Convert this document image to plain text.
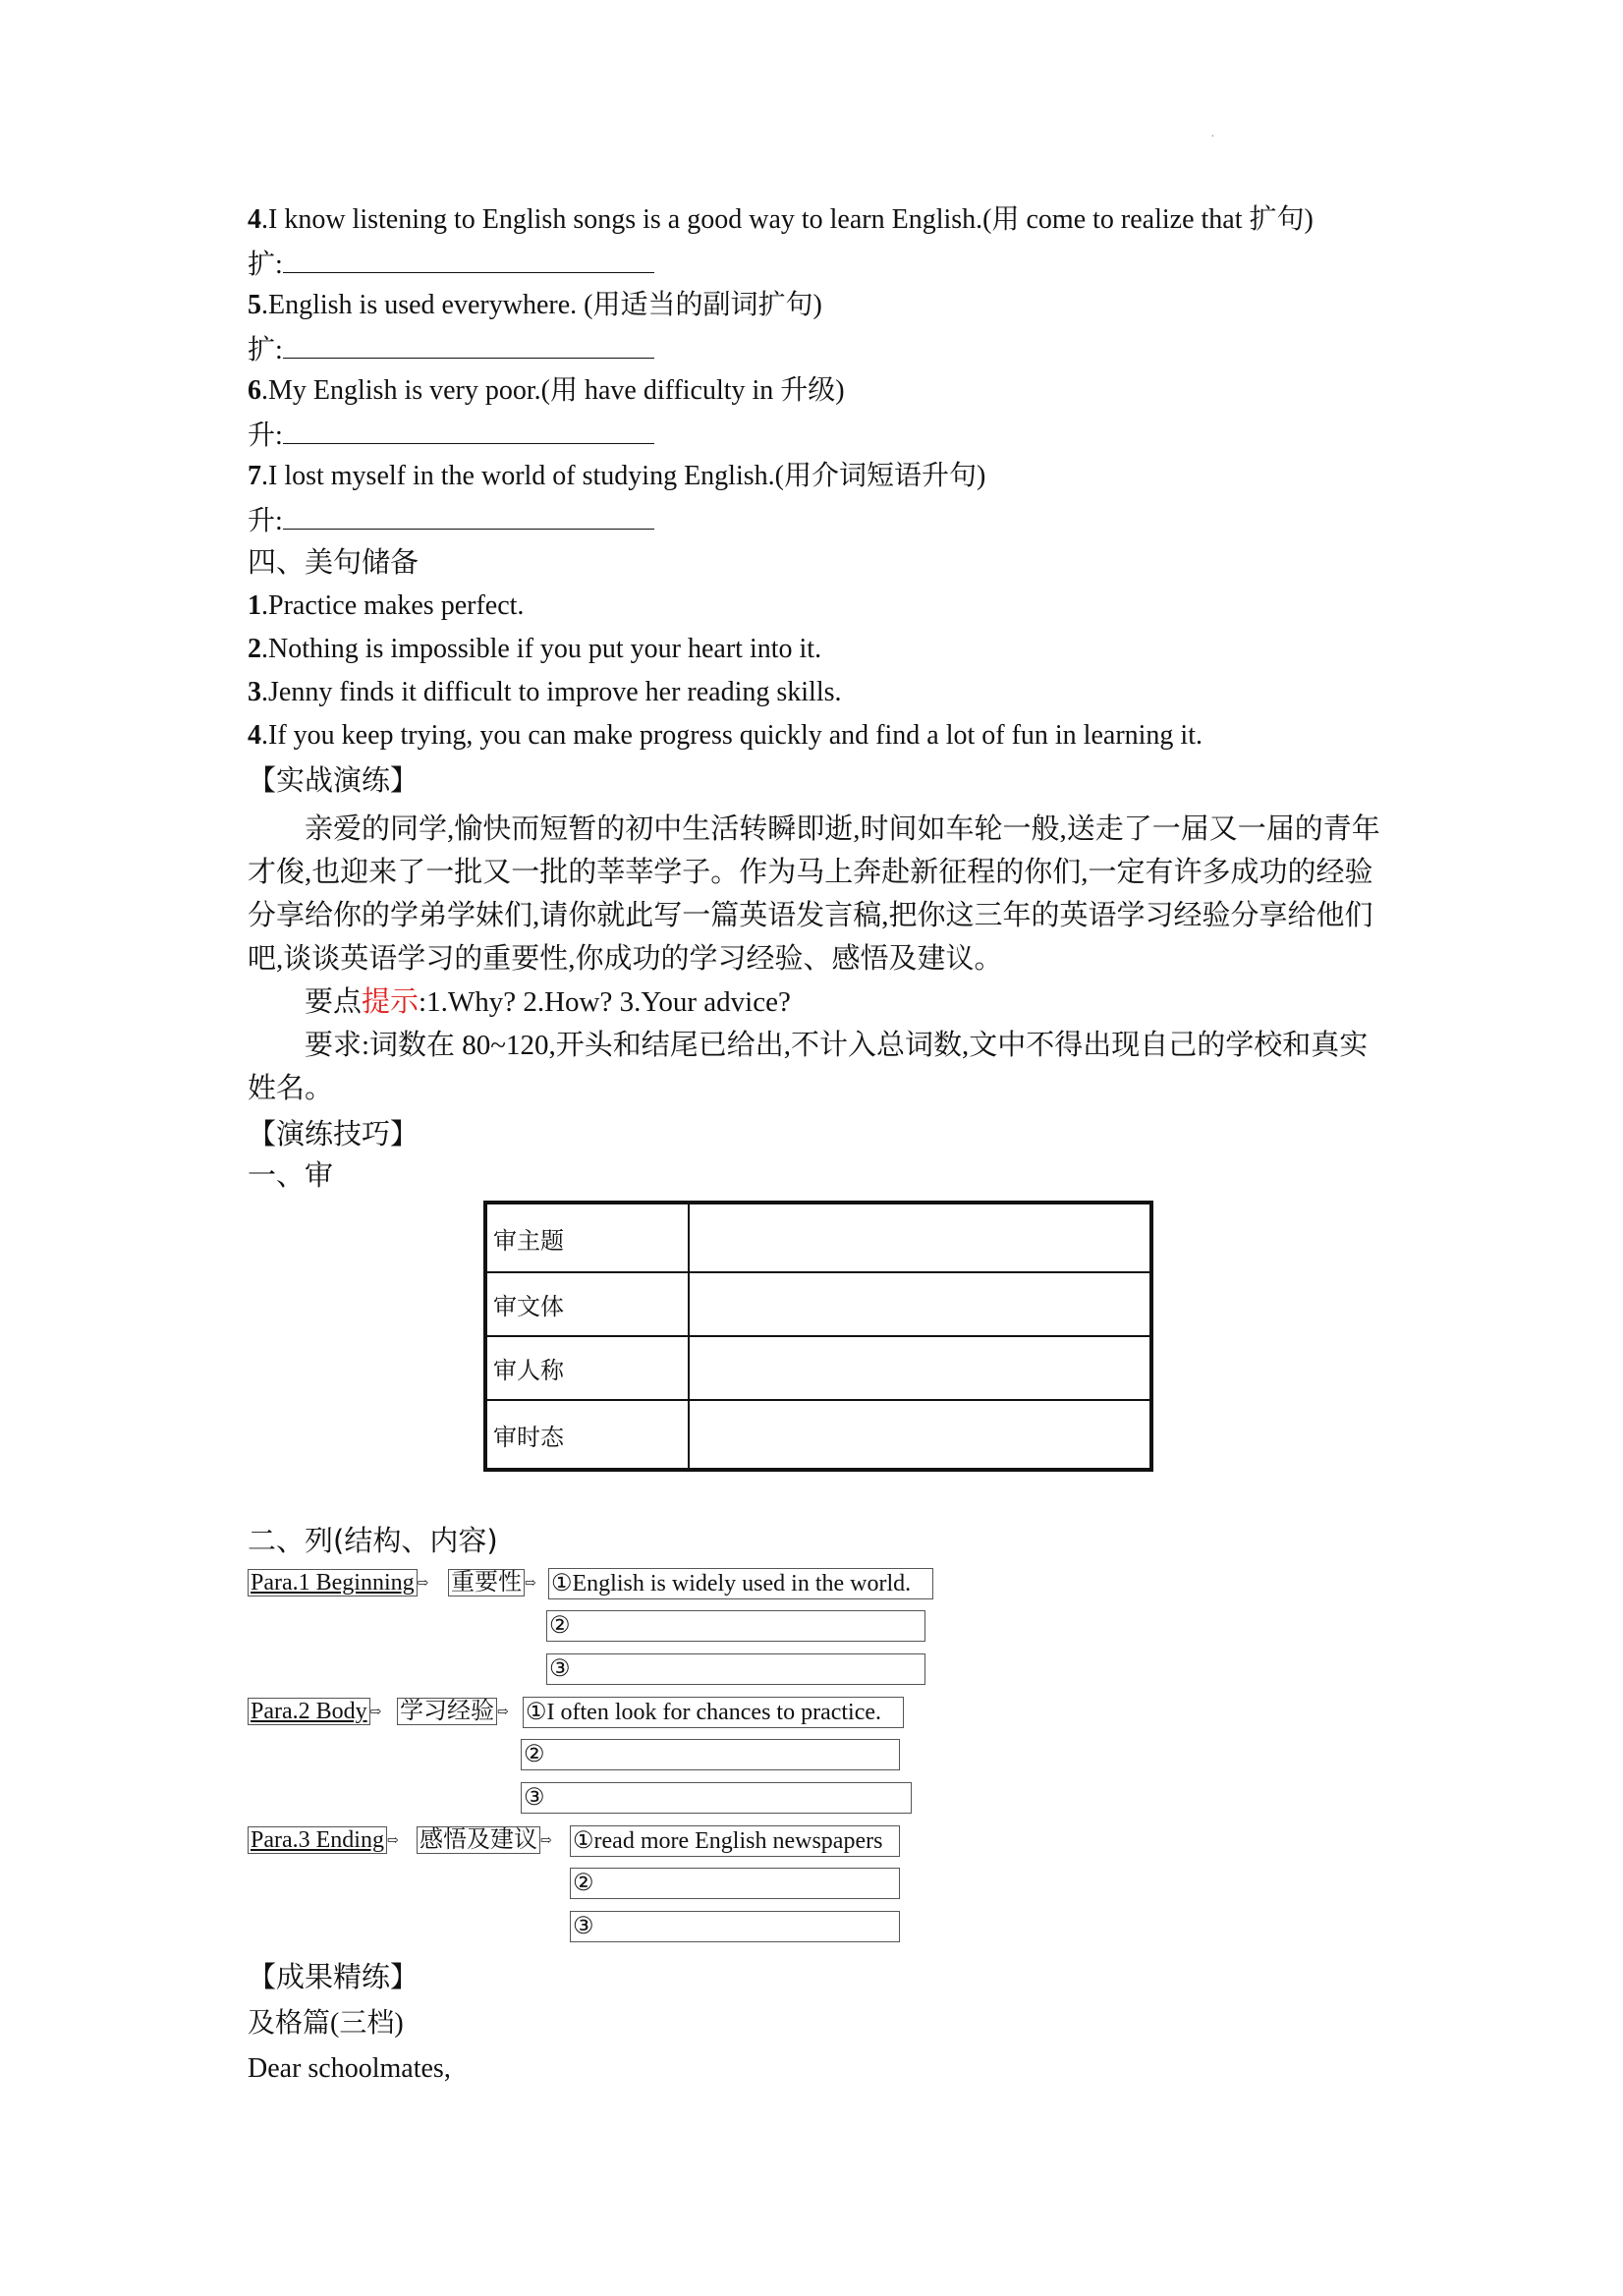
·
4.I know listening to English songs is a good way to learn English.(用 come to realize that 扩句)
扩:
5.English is used everywhere. (用适当的副词扩句)
扩:
6.My English is very poor.(用 have difficulty in 升级)
升:
7.I lost myself in the world of studying English.(用介词短语升句)
升:
四、美句储备
1.Practice makes perfect.
2.Nothing is impossible if you put your heart into it.
3.Jenny finds it difficult to improve her reading skills.
4.If you keep trying, you can make progress quickly and find a lot of fun in learning it.
【实战演练】
亲爱的同学,愉快而短暂的初中生活转瞬即逝,时间如车轮一般,送走了一届又一届的青年才俊,也迎来了一批又一批的莘莘学子。作为马上奔赴新征程的你们,一定有许多成功的经验分享给你的学弟学妹们,请你就此写一篇英语发言稿,把你这三年的英语学习经验分享给他们吧,谈谈英语学习的重要性,你成功的学习经验、感悟及建议。
要点提示:1.Why? 2.How? 3.Your advice?
要求:词数在 80~120,开头和结尾已给出,不计入总词数,文中不得出现自己的学校和真实姓名。
【演练技巧】
一、审
审主题
审文体
审人称
审时态
二、列(结构、内容)
Para.1 Beginning ⇨ 重要性 ⇨ ①English is widely used in the world.
②
③
Para.2 Body ⇨ 学习经验 ⇨ ①I often look for chances to practice.
②
③
Para.3 Ending ⇨ 感悟及建议 ⇨ ①read more English newspapers
②
③
【成果精练】
及格篇(三档)
Dear schoolmates,
